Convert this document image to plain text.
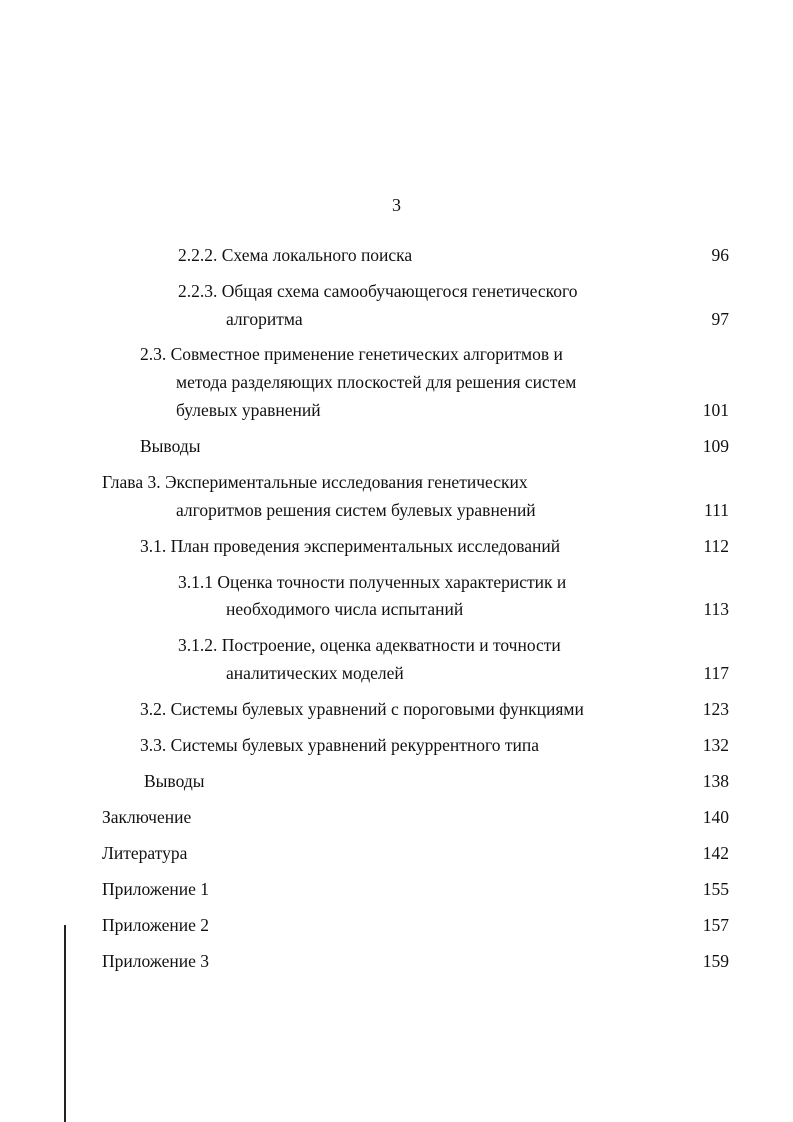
3
2.2.2. Схема локального поиска	96
2.2.3. Общая схема самообучающегося генетического
алгоритма	97
2.3. Совместное применение генетических алгоритмов и
метода разделяющих плоскостей для решения систем
булевых уравнений	101
Выводы	109
Глава 3. Экспериментальные исследования генетических
алгоритмов решения систем булевых уравнений	111
3.1. План проведения экспериментальных исследований	112
3.1.1 Оценка точности полученных характеристик и
необходимого числа испытаний	113
3.1.2. Построение, оценка адекватности и точности
аналитических моделей	117
3.2. Системы булевых уравнений с пороговыми функциями	123
3.3. Системы булевых уравнений рекуррентного типа	132
Выводы	138
Заключение	140
Литература	142
Приложение 1	155
Приложение 2	157
Приложение 3	159
